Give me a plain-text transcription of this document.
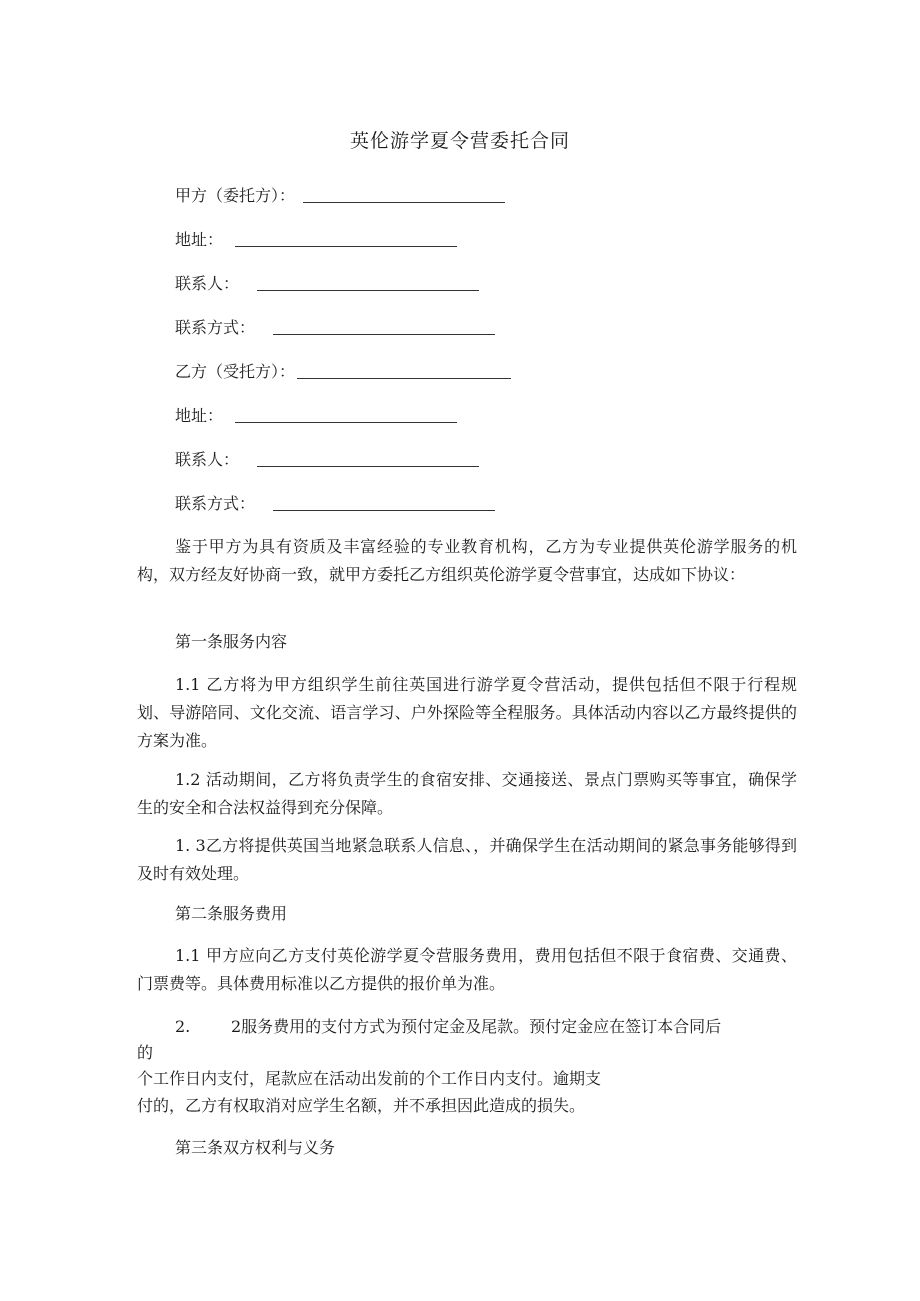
英伦游学夏令营委托合同
甲方（委托方）：
地址：
联系人：
联系方式：
乙方（受托方）：
地址：
联系人：
联系方式：
鉴于甲方为具有资质及丰富经验的专业教育机构，乙方为专业提供英伦游学服务的机构，双方经友好协商一致，就甲方委托乙方组织英伦游学夏令营事宜，达成如下协议：
第一条服务内容
1.1 乙方将为甲方组织学生前往英国进行游学夏令营活动，提供包括但不限于行程规划、导游陪同、文化交流、语言学习、户外探险等全程服务。具体活动内容以乙方最终提供的方案为准。
1.2 活动期间，乙方将负责学生的食宿安排、交通接送、景点门票购买等事宜，确保学生的安全和合法权益得到充分保障。
1. 3乙方将提供英国当地紧急联系人信息、，并确保学生在活动期间的紧急事务能够得到及时有效处理。
第二条服务费用
1.1 甲方应向乙方支付英伦游学夏令营服务费用，费用包括但不限于食宿费、交通费、门票费等。具体费用标准以乙方提供的报价单为准。
2.        2服务费用的支付方式为预付定金及尾款。预付定金应在签订本合同后
的
个工作日内支付，尾款应在活动出发前的个工作日内支付。逾期支
付的，乙方有权取消对应学生名额，并不承担因此造成的损失。
第三条双方权利与义务
